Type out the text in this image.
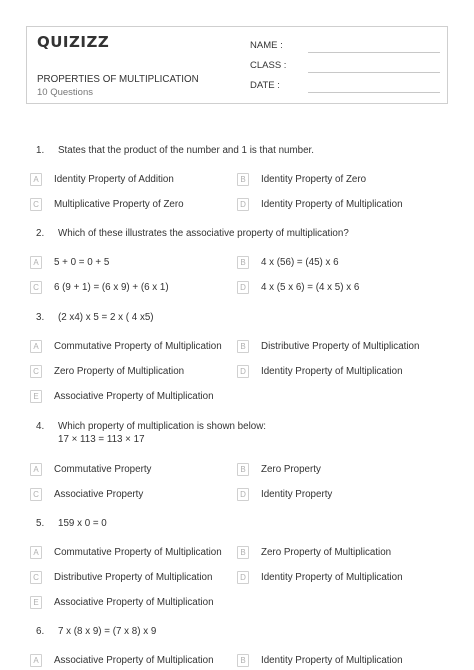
QUIZIZZ
PROPERTIES OF MULTIPLICATION
10 Questions
NAME :
CLASS :
DATE :
1. States that the product of the number and 1 is that number.
A	Identity Property of Addition	B	Identity Property of Zero
C	Multiplicative Property of Zero	D	Identity Property of Multiplication
2. Which of these illustrates the associative property of multiplication?
A	5 + 0 = 0 + 5	B	4 x (56) = (45) x 6
C	6 (9 + 1) = (6 x 9) + (6 x 1)	D	4 x (5 x 6) = (4 x 5) x 6
3. (2 x4) x 5 = 2 x ( 4 x5)
A	Commutative Property of Multiplication	B	Distributive Property of Multiplication
C	Zero Property of Multiplication	D	Identity Property of Multiplication
E	Associative Property of Multiplication
4. Which property of multiplication is shown below:
17 × 113 = 113 × 17
A	Commutative Property	B	Zero Property
C	Associative Property	D	Identity Property
5. 159 x 0 = 0
A	Commutative Property of Multiplication	B	Zero Property of Multiplication
C	Distributive Property of Multiplication	D	Identity Property of Multiplication
E	Associative Property of Multiplication
6. 7 x (8 x 9) = (7 x 8) x 9
A	Associative Property of Multiplication	B	Identity Property of Multiplication
